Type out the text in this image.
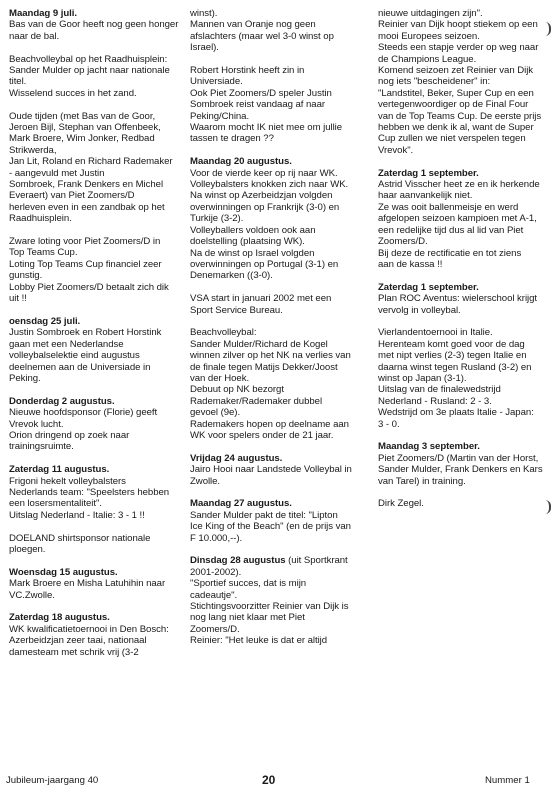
Maandag 9 juli.
Bas van de Goor heeft nog geen honger
naar de bal.
Beachvolleybal op het Raadhuisplein:
Sander Mulder op jacht naar nationale
titel.
Wisselend succes in het zand.
Oude tijden (met Bas van de Goor,
Jeroen Bijl, Stephan van Offenbeek,
Mark Broere, Wim Jonker, Redbad
Strikwerda,
Jan Lit, Roland en Richard Rademaker
- aangevuld met Justin
Sombroek, Frank Denkers en Michel
Everaert) van Piet Zoomers/D
herleven even in een zandbak op het
Raadhuisplein.
Zware loting voor Piet Zoomers/D in
Top Teams Cup.
Loting Top Teams Cup financiel zeer
gunstig.
Lobby Piet Zoomers/D betaalt zich dik
uit !!
oensdag 25 juli.
Justin Sombroek en Robert Horstink
gaan met een Nederlandse
volleybalselektie eind augustus
deelnemen aan de Universiade in
Peking.
Donderdag 2 augustus.
Nieuwe hoofdsponsor (Florie) geeft
Vrevok lucht.
Orion dringend op zoek naar
trainingsruimte.
Zaterdag 11 augustus.
Frigoni hekelt volleybalsters
Nederlands team: "Speelsters hebben
een losersmentaliteit".
Uitslag Nederland - Italie: 3 - 1 !!
DOELAND shirtsponsor nationale
ploegen.
Woensdag 15 augustus.
Mark Broere en Misha Latuhihin naar
VC.Zwolle.
Zaterdag 18 augustus.
WK kwalificatietoernooi in Den Bosch:
Azerbeidzjan zeer taai, nationaal
damesteam met schrik vrij (3-2
winst).
Mannen van Oranje nog geen
afslachters (maar wel 3-0 winst op
Israel).
Robert Horstink heeft zin in
Universiade.
Ook Piet Zoomers/D speler Justin
Sombroek reist vandaag af naar
Peking/China.
Waarom mocht IK niet mee om jullie
tassen te dragen ??
Maandag 20 augustus.
Voor de vierde keer op rij naar WK.
Volleybalsters knokken zich naar WK.
Na winst op Azerbeidzjan volgden
overwinningen op Frankrijk (3-0) en
Turkije (3-2).
Volleyballers voldoen ook aan
doelstelling (plaatsing WK).
Na de winst op Israel volgden
overwinningen op Portugal (3-1) en
Denemarken ((3-0).
VSA start in januari 2002 met een
Sport Service Bureau.
Beachvolleybal:
Sander Mulder/Richard de Kogel
winnen zilver op het NK na verlies van
de finale tegen Matijs Dekker/Joost
van der Hoek.
Debuut op NK bezorgt
Rademaker/Rademaker dubbel
gevoel (9e).
Rademakers hopen op deelname aan
WK voor spelers onder de 21 jaar.
Vrijdag 24 augustus.
Jairo Hooi naar Landstede Volleybal in
Zwolle.
Maandag 27 augustus.
Sander Mulder pakt de titel: "Lipton
Ice King of the Beach" (en de prijs van
F 10.000,--).
Dinsdag 28 augustus (uit Sportkrant
2001-2002).
"Sportief succes, dat is mijn
cadeautje".
Stichtingsvoorzitter Reinier van Dijk is
nog lang niet klaar met Piet
Zoomers/D.
Reinier: "Het leuke is dat er altijd
nieuwe uitdagingen zijn".
Reinier van Dijk hoopt stiekem op een
mooi Europees seizoen.
Steeds een stapje verder op weg naar
de Champions League.
Komend seizoen zet Reinier van Dijk
nog iets "bescheidener" in:
"Landstitel, Beker, Super Cup en een
vertegenwoordiger op de Final Four
van de Top Teams Cup. De eerste prijs
hebben we denk ik al, want de Super
Cup zullen we niet verspelen tegen
Vrevok".
Zaterdag 1 september.
Astrid Visscher heet ze en ik herkende
haar aanvankelijk niet.
Ze was ooit ballenmeisje en werd
afgelopen seizoen kampioen met A-1,
een redelijke tijd dus al lid van Piet
Zoomers/D.
Bij deze de rectificatie en tot ziens
aan de kassa !!
Zaterdag 1 september.
Plan ROC Aventus: wielerschool krijgt
vervolg in volleybal.
Vierlandentoernooi in Italie.
Herenteam komt goed voor de dag
met nipt verlies (2-3) tegen Italie en
daarna winst tegen Rusland (3-2) en
winst op Japan (3-1).
Uitslag van de finalewedstrijd
Nederland - Rusland: 2 - 3.
Wedstrijd om 3e plaats Italie - Japan:
3 - 0.
Maandag 3 september.
Piet Zoomers/D (Martin van der Horst,
Sander Mulder, Frank Denkers en Kars
van Tarel) in training.
Dirk Zegel.
Jubileum-jaargang 40	20	Nummer 1
